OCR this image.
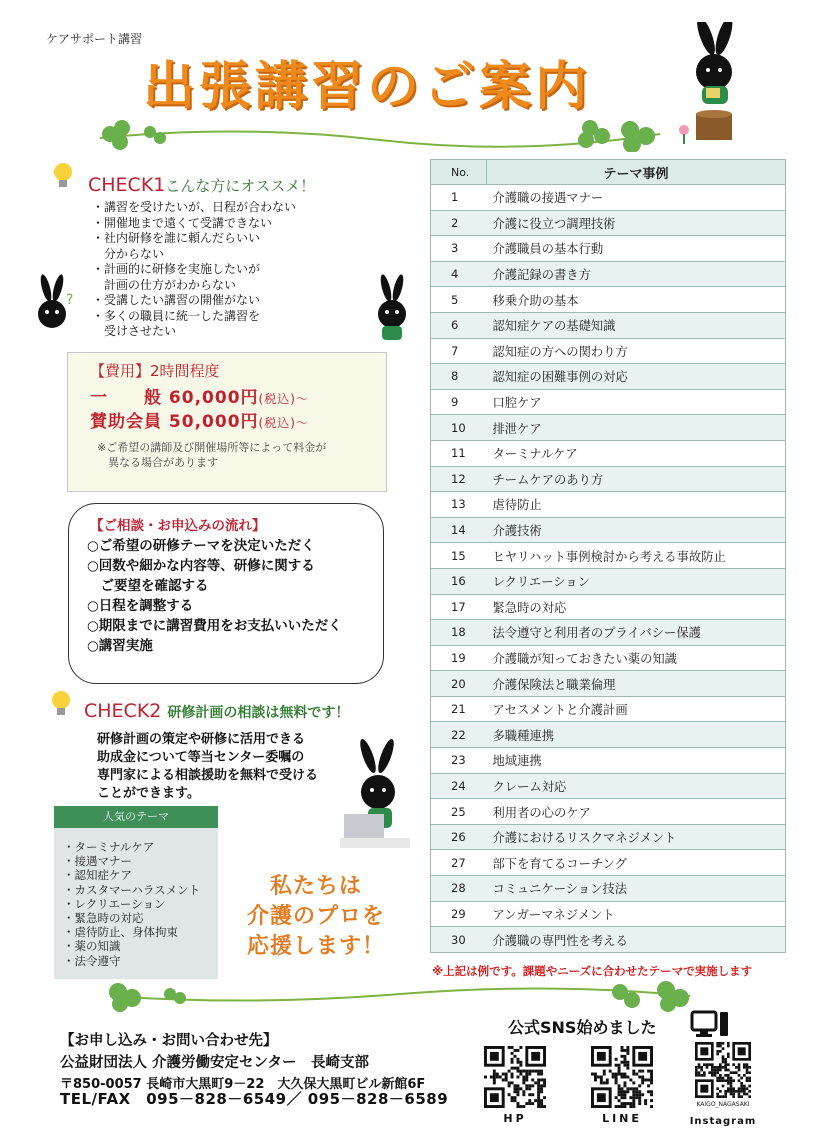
ケアサポート講習
出張講習のご案内
CHECK1こんな方にオススメ！
・講習を受けたいが、日程が合わない
・開催地まで遠くて受講できない
・社内研修を誰に頼んだらいい
　分からない
・計画的に研修を実施したいが
　計画の仕方がわからない
・受講したい講習の開催がない
・多くの職員に統一した講習を
　受けさせたい
?
【費用】2時間程度
一　　般 60,000円(税込)～
賛助会員 50,000円(税込)～
※ご希望の講師及び開催場所等によって料金が
　異なる場合があります
【ご相談・お申込みの流れ】
○ご希望の研修テーマを決定いただく
○回数や細かな内容等、研修に関する
　ご要望を確認する
○日程を調整する
○期限までに講習費用をお支払いいただく
○講習実施
CHECK2 研修計画の相談は無料です！
研修計画の策定や研修に活用できる
助成金について等当センター委嘱の
専門家による相談援助を無料で受ける
ことができます。
人気のテーマ
・ターミナルケア
・接遇マナー
・認知症ケア
・カスタマーハラスメント
・レクリエーション
・緊急時の対応
・虐待防止、身体拘束
・薬の知識
・法令遵守
私たちは
介護のプロを
応援します！
No.	テーマ事例
1	介護職の接遇マナー
2	介護に役立つ調理技術
3	介護職員の基本行動
4	介護記録の書き方
5	移乗介助の基本
6	認知症ケアの基礎知識
7	認知症の方への関わり方
8	認知症の困難事例の対応
9	口腔ケア
10	排泄ケア
11	ターミナルケア
12	チームケアのあり方
13	虐待防止
14	介護技術
15	ヒヤリハット事例検討から考える事故防止
16	レクリエーション
17	緊急時の対応
18	法令遵守と利用者のプライバシー保護
19	介護職が知っておきたい薬の知識
20	介護保険法と職業倫理
21	アセスメントと介護計画
22	多職種連携
23	地域連携
24	クレーム対応
25	利用者の心のケア
26	介護におけるリスクマネジメント
27	部下を育てるコーチング
28	コミュニケーション技法
29	アンガーマネジメント
30	介護職の専門性を考える
※上記は例です。課題やニーズに合わせたテーマで実施します
【お申し込み・お問い合わせ先】
公益財団法人 介護労働安定センター　長崎支部
〒850-0057 長崎市大黒町9－22　大久保大黒町ビル新館6F
TEL/FAX　095－828－6549／ 095－828－6589
公式SNS始めました
HP	LINE
KAIGO_NAGASAKI
Instagram
